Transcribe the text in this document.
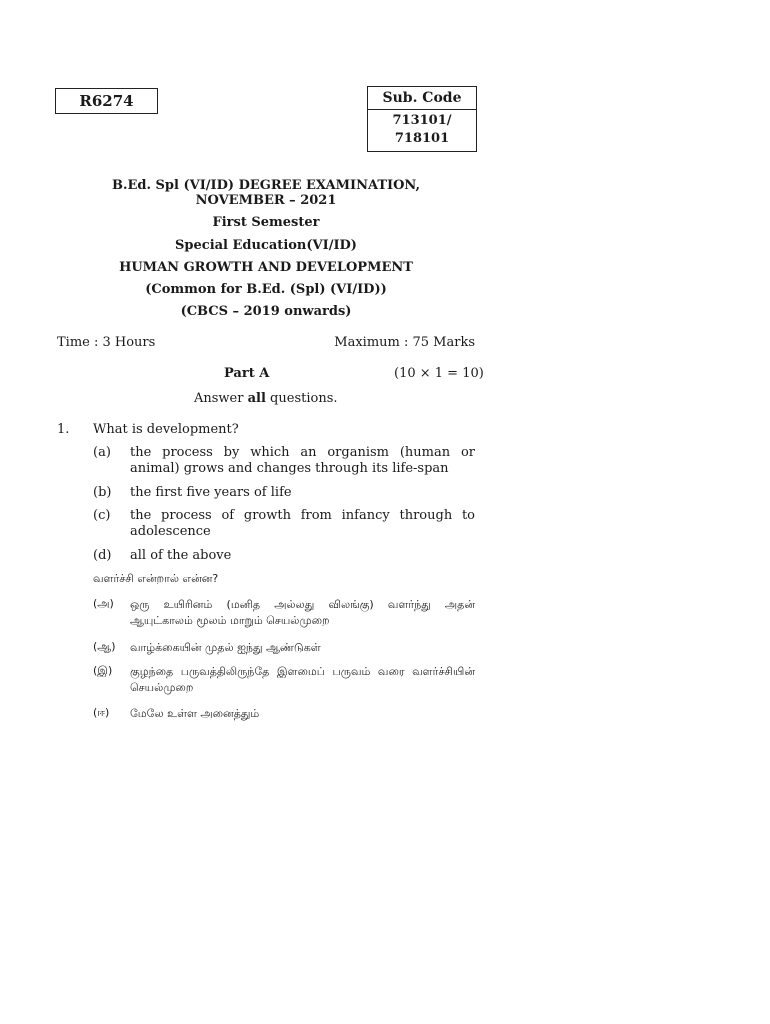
R6274	Sub. Code
713101/
718101
B.Ed. Spl (VI/ID) DEGREE EXAMINATION,
NOVEMBER – 2021
First Semester
Special Education(VI/ID)
HUMAN GROWTH AND DEVELOPMENT
(Common for B.Ed. (Spl) (VI/ID))
(CBCS – 2019 onwards)
Time : 3 Hours	Maximum : 75 Marks
Part A	(10 × 1 = 10)
Answer all questions.
1. What is development?
(a)	the process by which an organism (human or animal) grows and changes through its life-span
(b)	the first five years of life
(c)	the process of growth from infancy through to adolescence
(d)	all of the above
வளர்ச்சி என்றால் என்ன?
(அ)	ஒரு உயிரினம் (மனித அல்லது விலங்கு) வளர்ந்து அதன் ஆயுட்காலம் மூலம் மாறும் செயல்முறை
(ஆ)	வாழ்க்கையின் முதல் ஐந்து ஆண்டுகள்
(இ)	குழந்தை பருவத்திலிருந்தே இளமைப் பருவம் வரை வளர்ச்சியின் செயல்முறை
(ஈ)	மேலே உள்ள அனைத்தும்
